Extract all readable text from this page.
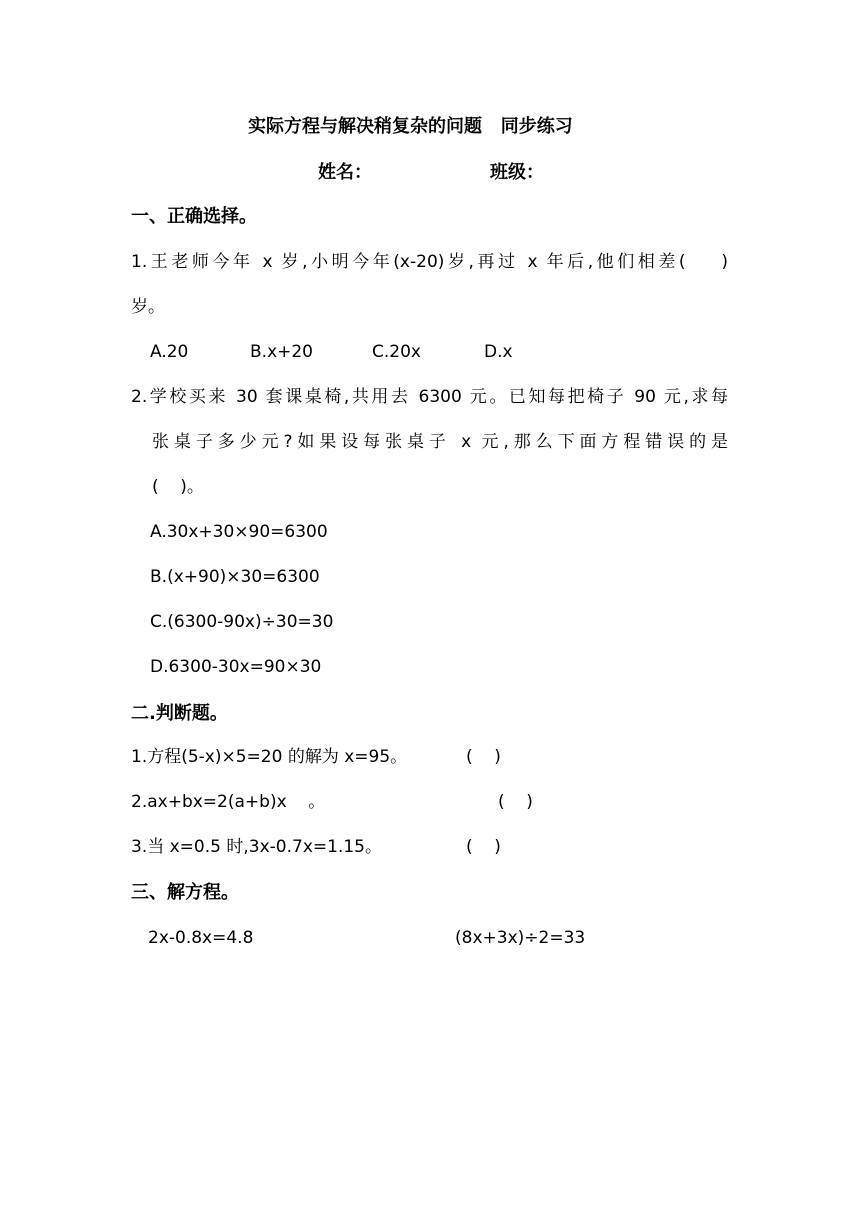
实际方程与解决稍复杂的问题   同步练习
姓名：	班级：
一、正确选择。
1.王老师今年 x 岁,小明今年(x-20)岁,再过 x 年后,他们相差(    )
岁。
A.20	B.x+20	C.20x	D.x
2.学校买来 30 套课桌椅,共用去 6300 元。已知每把椅子 90 元,求每
张桌子多少元?如果设每张桌子 x 元,那么下面方程错误的是
(    )。
A.30x+30×90=6300
B.(x+90)×30=6300
C.(6300-90x)÷30=30
D.6300-30x=90×30
二.判断题。
1.方程(5-x)×5=20 的解为 x=95。	(    )
2.ax+bx=2(a+b)x    。	(    )
3.当 x=0.5 时,3x-0.7x=1.15。	(    )
三、解方程。
2x-0.8x=4.8	(8x+3x)÷2=33
